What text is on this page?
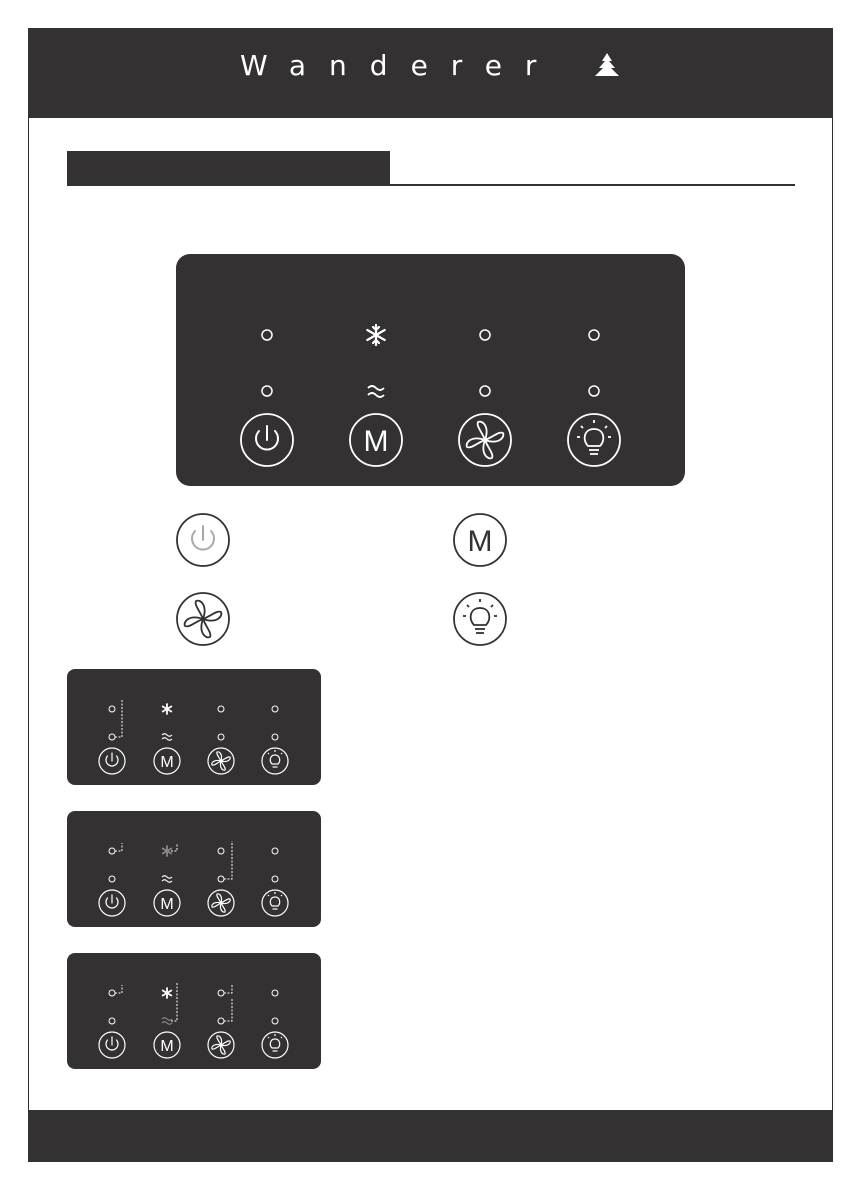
Wanderer
M
M
M
M
M
